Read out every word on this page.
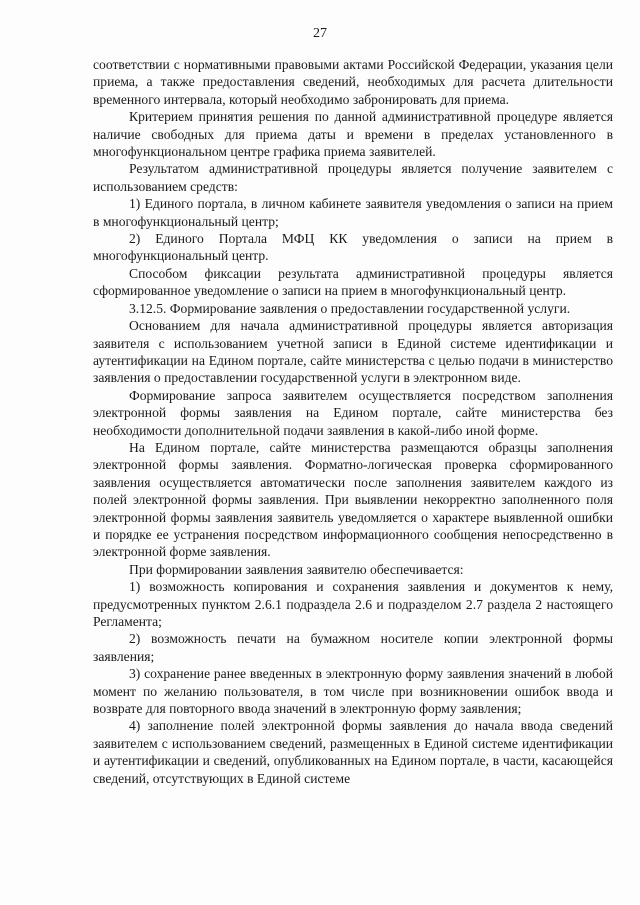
27

соответствии с нормативными правовыми актами Российской Федерации, указания цели приема, а также предоставления сведений, необходимых для расчета длительности временного интервала, который необходимо забронировать для приема.

Критерием принятия решения по данной административной процедуре является наличие свободных для приема даты и времени в пределах установленного в многофункциональном центре графика приема заявителей.

Результатом административной процедуры является получение заявителем с использованием средств:

1) Единого портала, в личном кабинете заявителя уведомления о записи на прием в многофункциональный центр;

2) Единого Портала МФЦ КК уведомления о записи на прием в многофункциональный центр.

Способом фиксации результата административной процедуры является сформированное уведомление о записи на прием в многофункциональный центр.

3.12.5. Формирование заявления о предоставлении государственной услуги.

Основанием для начала административной процедуры является авторизация заявителя с использованием учетной записи в Единой системе идентификации и аутентификации на Едином портале, сайте министерства с целью подачи в министерство заявления о предоставлении государственной услуги в электронном виде.

Формирование запроса заявителем осуществляется посредством заполнения электронной формы заявления на Едином портале, сайте министерства без необходимости дополнительной подачи заявления в какой-либо иной форме.

На Едином портале, сайте министерства размещаются образцы заполнения электронной формы заявления. Форматно-логическая проверка сформированного заявления осуществляется автоматически после заполнения заявителем каждого из полей электронной формы заявления. При выявлении некорректно заполненного поля электронной формы заявления заявитель уведомляется о характере выявленной ошибки и порядке ее устранения посредством информационного сообщения непосредственно в электронной форме заявления.

При формировании заявления заявителю обеспечивается:

1) возможность копирования и сохранения заявления и документов к нему, предусмотренных пунктом 2.6.1 подраздела 2.6 и подразделом 2.7 раздела 2 настоящего Регламента;

2) возможность печати на бумажном носителе копии электронной формы заявления;

3) сохранение ранее введенных в электронную форму заявления значений в любой момент по желанию пользователя, в том числе при возникновении ошибок ввода и возврате для повторного ввода значений в электронную форму заявления;

4) заполнение полей электронной формы заявления до начала ввода сведений заявителем с использованием сведений, размещенных в Единой системе идентификации и аутентификации и сведений, опубликованных на Едином портале, в части, касающейся сведений, отсутствующих в Единой системе
